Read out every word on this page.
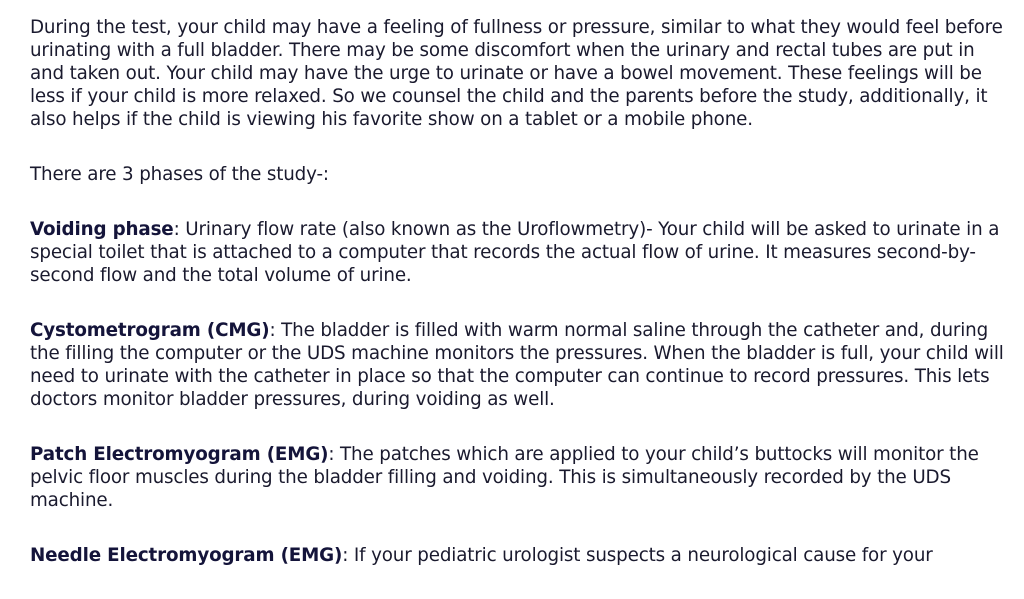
During the test, your child may have a feeling of fullness or pressure, similar to what they would feel before urinating with a full bladder. There may be some discomfort when the urinary and rectal tubes are put in and taken out. Your child may have the urge to urinate or have a bowel movement. These feelings will be less if your child is more relaxed. So we counsel the child and the parents before the study, additionally, it also helps if the child is viewing his favorite show on a tablet or a mobile phone.

There are 3 phases of the study-:

Voiding phase: Urinary flow rate (also known as the Uroflowmetry)- Your child will be asked to urinate in a special toilet that is attached to a computer that records the actual flow of urine. It measures second-by-second flow and the total volume of urine.

Cystometrogram (CMG): The bladder is filled with warm normal saline through the catheter and, during the filling the computer or the UDS machine monitors the pressures. When the bladder is full, your child will need to urinate with the catheter in place so that the computer can continue to record pressures. This lets doctors monitor bladder pressures, during voiding as well.

Patch Electromyogram (EMG): The patches which are applied to your child’s buttocks will monitor the pelvic floor muscles during the bladder filling and voiding. This is simultaneously recorded by the UDS machine.

Needle Electromyogram (EMG): If your pediatric urologist suspects a neurological cause for your
